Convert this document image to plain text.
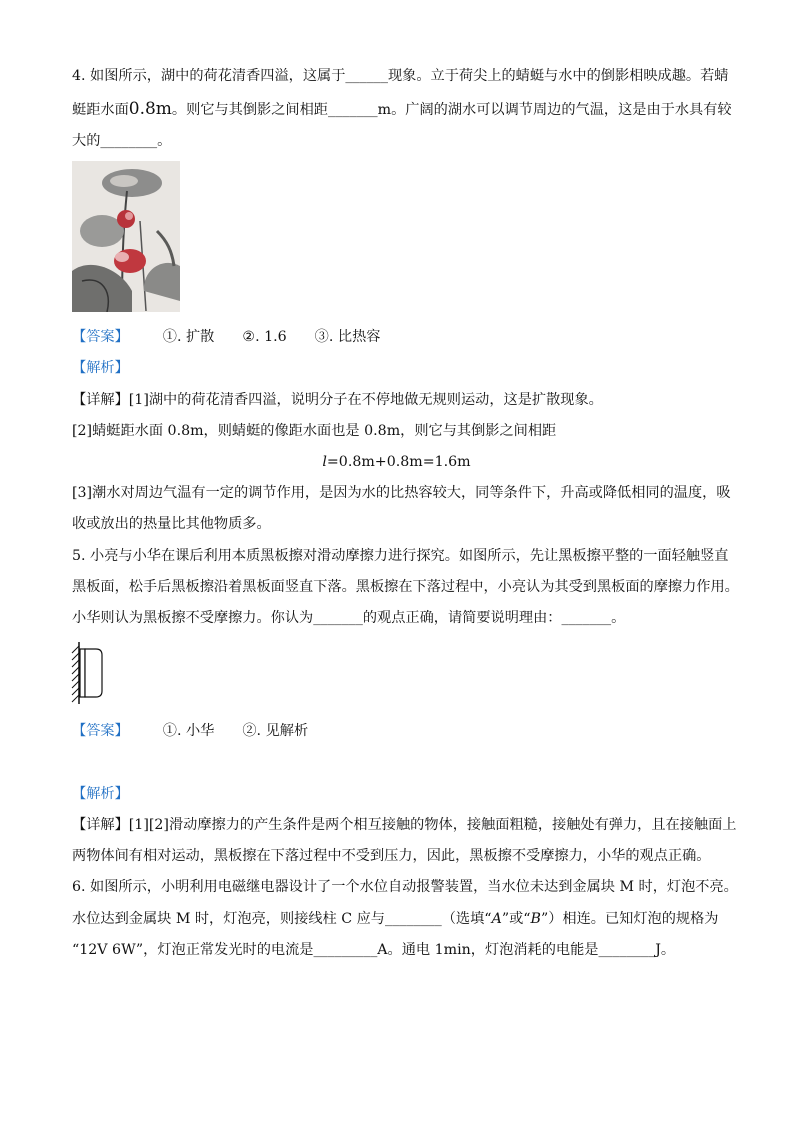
4. 如图所示，湖中的荷花清香四溢，这属于______现象。立于荷尖上的蜻蜓与水中的倒影相映成趣。若蜻
蜓距水面0.8m。则它与其倒影之间相距_______m。广阔的湖水可以调节周边的气温，这是由于水具有较
大的________。
【答案】 ①. 扩散 ②. 1.6 ③. 比热容
【解析】
【详解】[1]湖中的荷花清香四溢，说明分子在不停地做无规则运动，这是扩散现象。
[2]蜻蜓距水面 0.8m，则蜻蜓的像距水面也是 0.8m，则它与其倒影之间相距
l=0.8m+0.8m=1.6m
[3]潮水对周边气温有一定的调节作用，是因为水的比热容较大，同等条件下，升高或降低相同的温度，吸
收或放出的热量比其他物质多。
5. 小亮与小华在课后利用本质黑板擦对滑动摩擦力进行探究。如图所示，先让黑板擦平整的一面轻触竖直
黑板面，松手后黑板擦沿着黑板面竖直下落。黑板擦在下落过程中，小亮认为其受到黑板面的摩擦力作用。
小华则认为黑板擦不受摩擦力。你认为_______的观点正确，请简要说明理由：_______。
【答案】 ①. 小华 ②. 见解析
【解析】
【详解】[1][2]滑动摩擦力的产生条件是两个相互接触的物体，接触面粗糙，接触处有弹力，且在接触面上
两物体间有相对运动，黑板擦在下落过程中不受到压力，因此，黑板擦不受摩擦力，小华的观点正确。
6. 如图所示，小明利用电磁继电器设计了一个水位自动报警装置，当水位未达到金属块 M 时，灯泡不亮。
水位达到金属块 M 时，灯泡亮，则接线柱 C 应与________（选填“A”或“B”）相连。已知灯泡的规格为
“12V 6W”，灯泡正常发光时的电流是_________A。通电 1min，灯泡消耗的电能是________J。
